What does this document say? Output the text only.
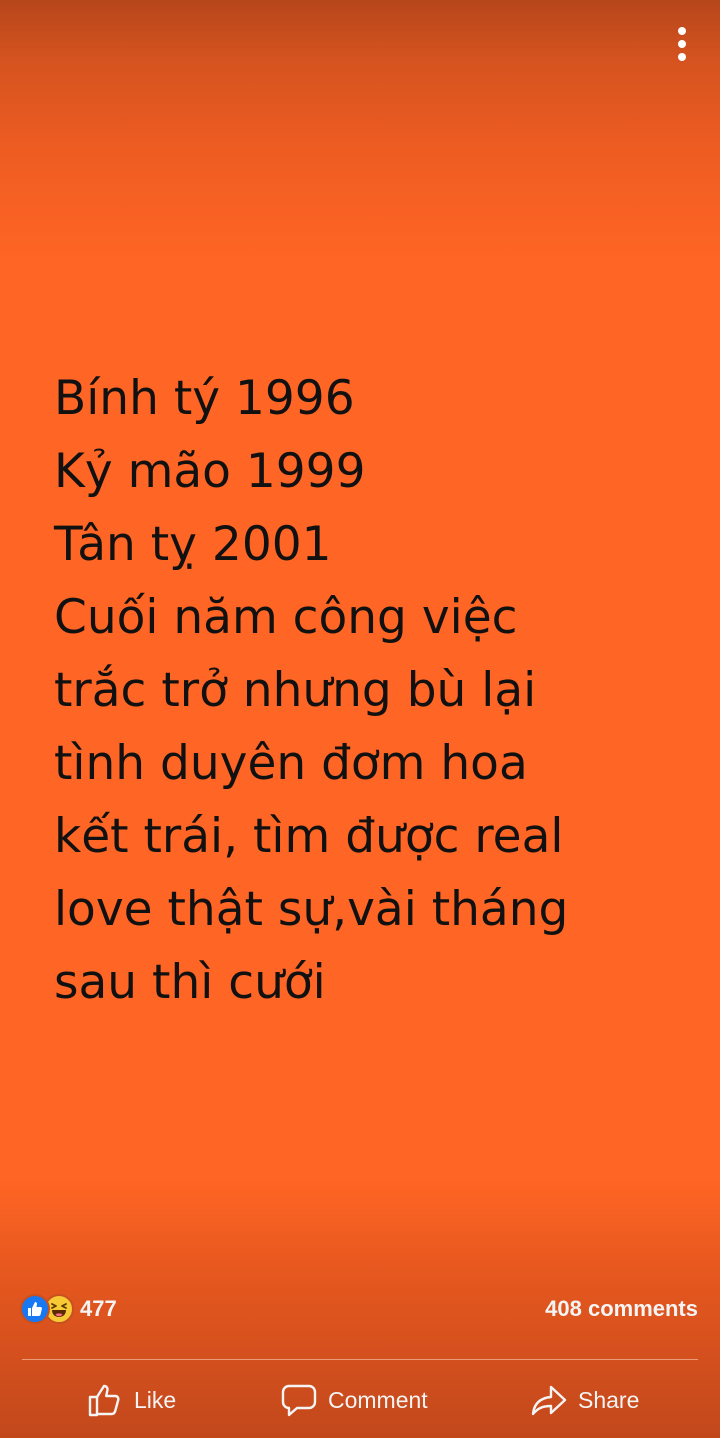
Bính tý 1996
Kỷ mão 1999
Tân tỵ 2001
Cuối năm công việc
trắc trở nhưng bù lại
tình duyên đơm hoa
kết trái, tìm được real
love thật sự,vài tháng
sau thì cưới
477	408 comments
Like	Comment	Share
